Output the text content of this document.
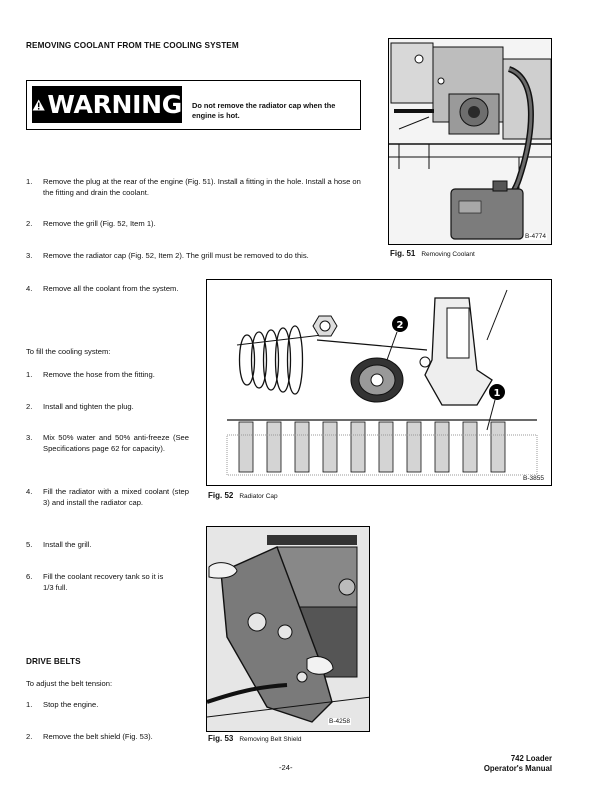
REMOVING COOLANT FROM THE COOLING SYSTEM
WARNING Do not remove the radiator cap when the engine is hot.
1. Remove the plug at the rear of the engine (Fig. 51). Install a fitting in the hole. Install a hose on the fitting and drain the coolant.
2. Remove the grill (Fig. 52, Item 1).
3. Remove the radiator cap (Fig. 52, Item 2). The grill must be removed to do this.
4. Remove all the coolant from the system.
To fill the cooling system:
1. Remove the hose from the fitting.
2. Install and tighten the plug.
3. Mix 50% water and 50% anti-freeze (See Specifications page 62 for capacity).
4. Fill the radiator with a mixed coolant (step 3) and install the radiator cap.
5. Install the grill.
6. Fill the coolant recovery tank so it is 1/3 full.
DRIVE BELTS
To adjust the belt tension:
1. Stop the engine.
2. Remove the belt shield (Fig. 53).
B-4774
Fig. 51 Removing Coolant
2
1
B-3855
Fig. 52 Radiator Cap
B-4258
Fig. 53 Removing Belt Shield
-24-
742 Loader
Operator's Manual
